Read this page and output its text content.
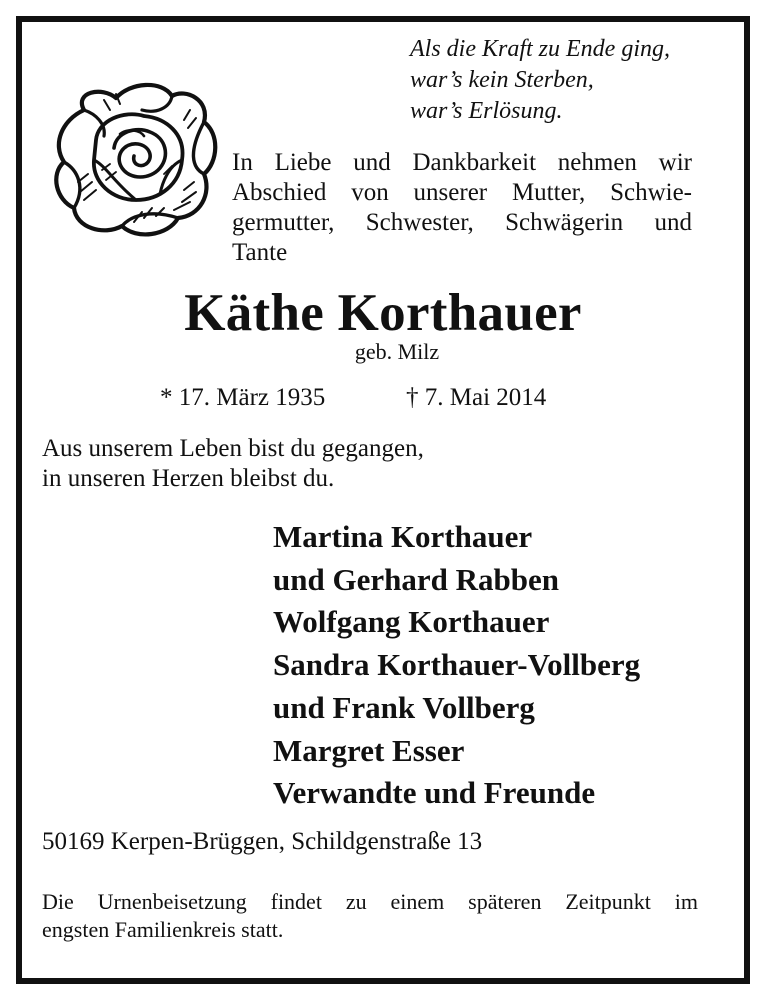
Als die Kraft zu Ende ging,
war’s kein Sterben,
war’s Erlösung.
In Liebe und Dankbarkeit nehmen wir
Abschied von unserer Mutter, Schwie-
germutter, Schwester, Schwägerin und
Tante
Käthe Korthauer
geb. Milz
* 17. März 1935	† 7. Mai 2014
Aus unserem Leben bist du gegangen,
in unseren Herzen bleibst du.
Martina Korthauer
und Gerhard Rabben
Wolfgang Korthauer
Sandra Korthauer-Vollberg
und Frank Vollberg
Margret Esser
Verwandte und Freunde
50169 Kerpen-Brüggen, Schildgenstraße 13
Die Urnenbeisetzung findet zu einem späteren Zeitpunkt im
engsten Familienkreis statt.
